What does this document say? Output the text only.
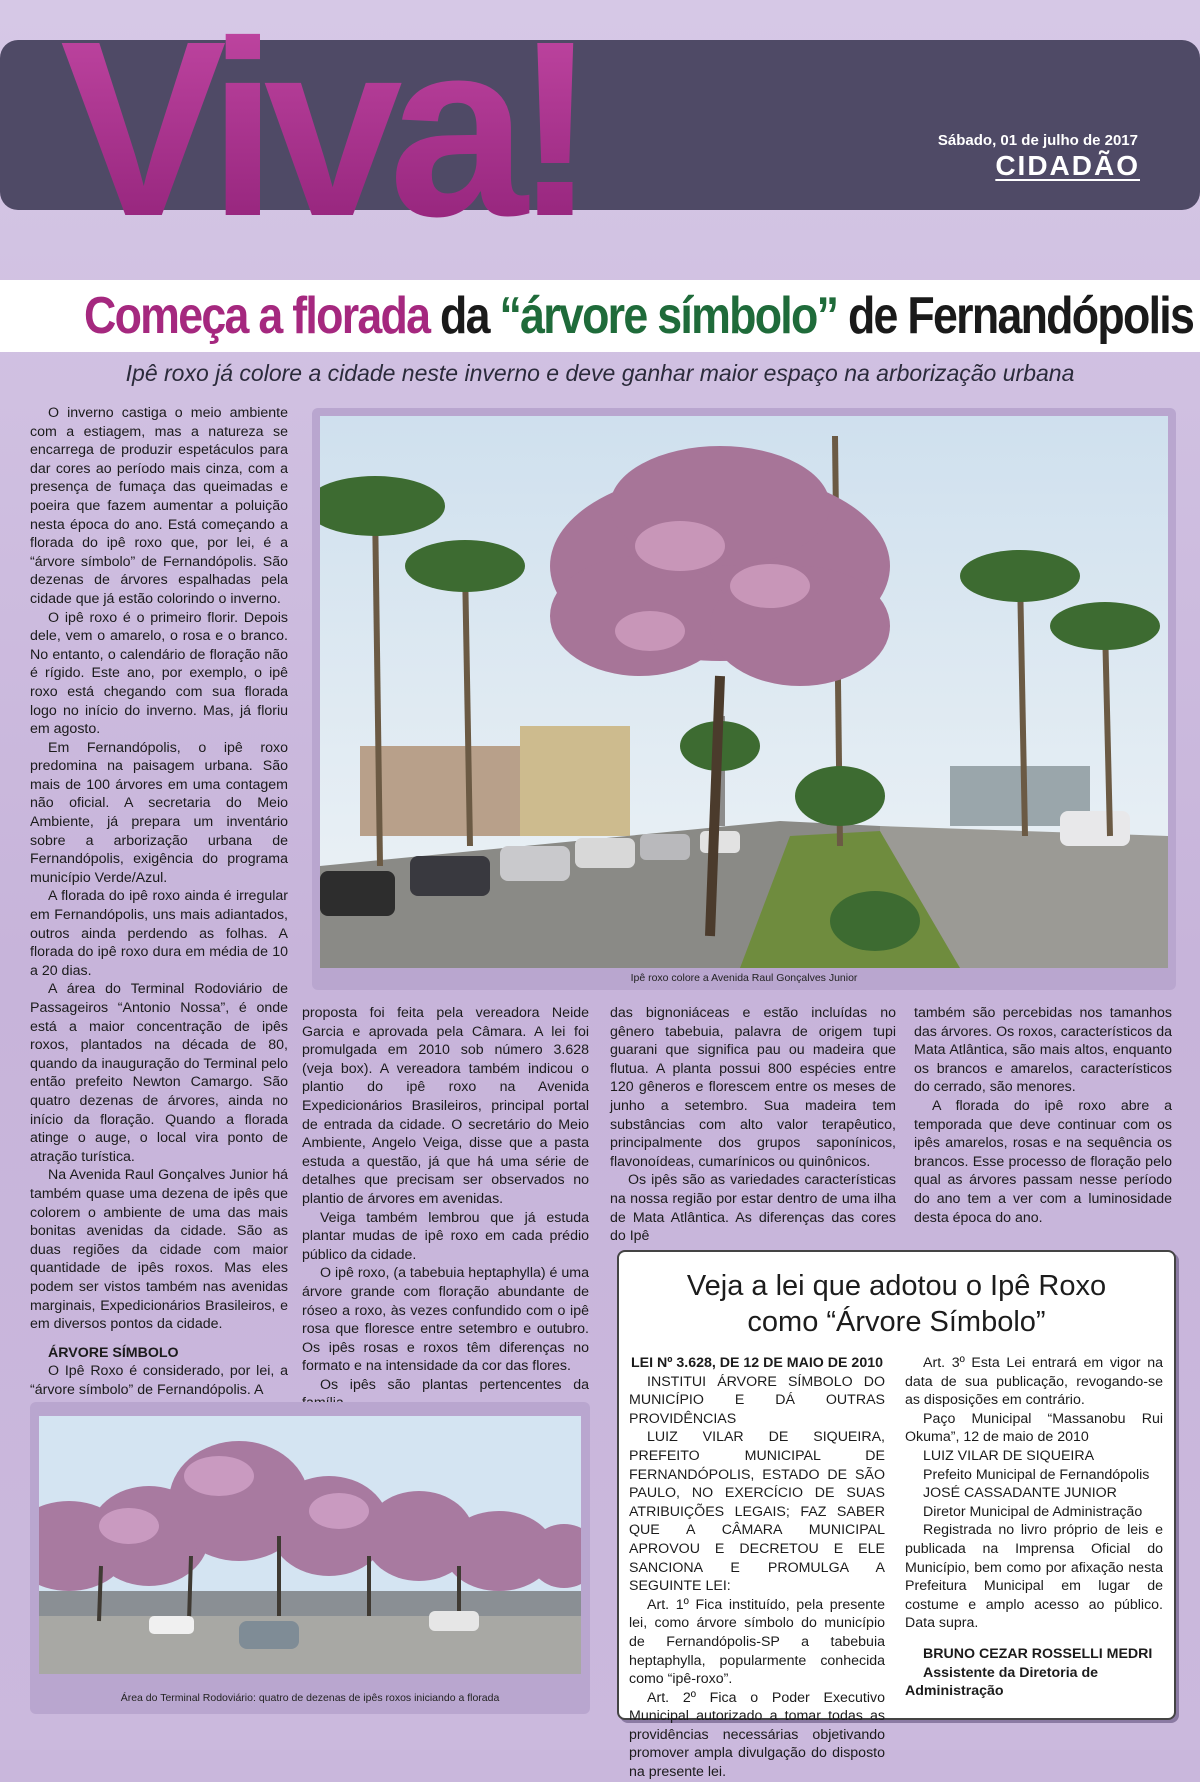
Viva!	Sábado, 01 de julho de 2017
CIDADÃO
Começa a florada da “árvore símbolo” de Fernandópolis
Ipê roxo já colore a cidade neste inverno e deve ganhar maior espaço na arborização urbana

O inverno castiga o meio ambiente com a estiagem, mas a natureza se encarrega de produzir espetáculos para dar cores ao período mais cinza, com a presença de fumaça das queimadas e poeira que fazem aumentar a poluição nesta época do ano. Está começando a florada do ipê roxo que, por lei, é a “árvore símbolo” de Fernandópolis. São dezenas de árvores espalhadas pela cidade que já estão colorindo o inverno.

O ipê roxo é o primeiro florir. Depois dele, vem o amarelo, o rosa e o branco. No entanto, o calendário de floração não é rígido. Este ano, por exemplo, o ipê roxo está chegando com sua florada logo no início do inverno. Mas, já floriu em agosto.

Em Fernandópolis, o ipê roxo predomina na paisagem urbana. São mais de 100 árvores em uma contagem não oficial. A secretaria do Meio Ambiente, já prepara um inventário sobre a arborização urbana de Fernandópolis, exigência do programa município Verde/Azul.

A florada do ipê roxo ainda é irregular em Fernandópolis, uns mais adiantados, outros ainda perdendo as folhas. A florada do ipê roxo dura em média de 10 a 20 dias.

A área do Terminal Rodoviário de Passageiros “Antonio Nossa”, é onde está a maior concentração de ipês roxos, plantados na década de 80, quando da inauguração do Terminal pelo então prefeito Newton Camargo. São quatro dezenas de árvores, ainda no início da floração. Quando a florada atinge o auge, o local vira ponto de atração turística.

Na Avenida Raul Gonçalves Junior há também quase uma dezena de ipês que colorem o ambiente de uma das mais bonitas avenidas da cidade. São as duas regiões da cidade com maior quantidade de ipês roxos. Mas eles podem ser vistos também nas avenidas marginais, Expedicionários Brasileiros, e em diversos pontos da cidade.

ÁRVORE SÍMBOLO

O Ipê Roxo é considerado, por lei, a “árvore símbolo” de Fernandópolis. A

Ipê roxo colore a Avenida Raul Gonçalves Junior

proposta foi feita pela vereadora Neide Garcia e aprovada pela Câmara. A lei foi promulgada em 2010 sob número 3.628 (veja box). A vereadora também indicou o plantio do ipê roxo na Avenida Expedicionários Brasileiros, principal portal de entrada da cidade. O secretário do Meio Ambiente, Angelo Veiga, disse que a pasta estuda a questão, já que há uma série de detalhes que precisam ser observados no plantio de árvores em avenidas.

Veiga também lembrou que já estuda plantar mudas de ipê roxo em cada prédio público da cidade.

O ipê roxo, (a tabebuia heptaphylla) é uma árvore grande com floração abundante de róseo a roxo, às vezes confundido com o ipê rosa que floresce entre setembro e outubro. Os ipês rosas e roxos têm diferenças no formato e na intensidade da cor das flores.

Os ipês são plantas pertencentes da

das bignoniáceas e estão incluídas no gênero tabebuia, palavra de origem tupi guarani que significa pau ou madeira que flutua. A planta possui 800 espécies entre 120 gêneros e florescem entre os meses de junho a setembro. Sua madeira tem substâncias com alto valor terapêutico, principalmente dos grupos saponínicos, flavonoídeas, cumarínicos ou quinônicos.

Os ipês são as variedades características na nossa região por estar dentro de uma ilha de Mata Atlântica. As diferenças das cores do Ipê

também são percebidas nos tamanhos das árvores. Os roxos, característicos da Mata Atlântica, são mais altos, enquanto os brancos e amarelos, característicos do cerrado, são menores.

A florada do ipê roxo abre a temporada que deve continuar com os ipês amarelos, rosas e na sequência os brancos. Esse processo de floração pelo qual as árvores passam nesse período do ano tem a ver com a luminosidade desta época do ano.

Área do Terminal Rodoviário: quatro de dezenas de ipês roxos iniciando a florada
Veja a lei que adotou o Ipê Roxo
como “Árvore Símbolo”

LEI Nº 3.628, DE 12 DE MAIO DE 2010

INSTITUI ÁRVORE SÍMBOLO DO MUNICÍPIO E DÁ OUTRAS PROVIDÊNCIAS

LUIZ VILAR DE SIQUEIRA, PREFEITO MUNICIPAL DE FERNANDÓPOLIS, ESTADO DE SÃO PAULO, NO EXERCÍCIO DE SUAS ATRIBUIÇÕES LEGAIS; FAZ SABER QUE A CÂMARA MUNICIPAL APROVOU E DECRETOU E ELE SANCIONA E PROMULGA A SEGUINTE LEI:

Art. 1º Fica instituído, pela presente lei, como árvore símbolo do município de Fernandópolis-SP a tabebuia heptaphylla, popularmente conhecida como “ipê-roxo”.

Art. 2º Fica o Poder Executivo Municipal autorizado a tomar todas as providências necessárias objetivando promover ampla divulgação do disposto na presente lei.

Art. 3º Esta Lei entrará em vigor na data de sua publicação, revogando-se as disposições em contrário.

Paço Municipal “Massanobu Rui Okuma”, 12 de maio de 2010

LUIZ VILAR DE SIQUEIRA

Prefeito Municipal de Fernandópolis

JOSÉ CASSADANTE JUNIOR

Diretor Municipal de Administração

Registrada no livro próprio de leis e publicada na Imprensa Oficial do Município, bem como por afixação nesta Prefeitura Municipal em lugar de costume e amplo acesso ao público. Data supra.

BRUNO CEZAR ROSSELLI MEDRI

Assistente da Diretoria de Administração
